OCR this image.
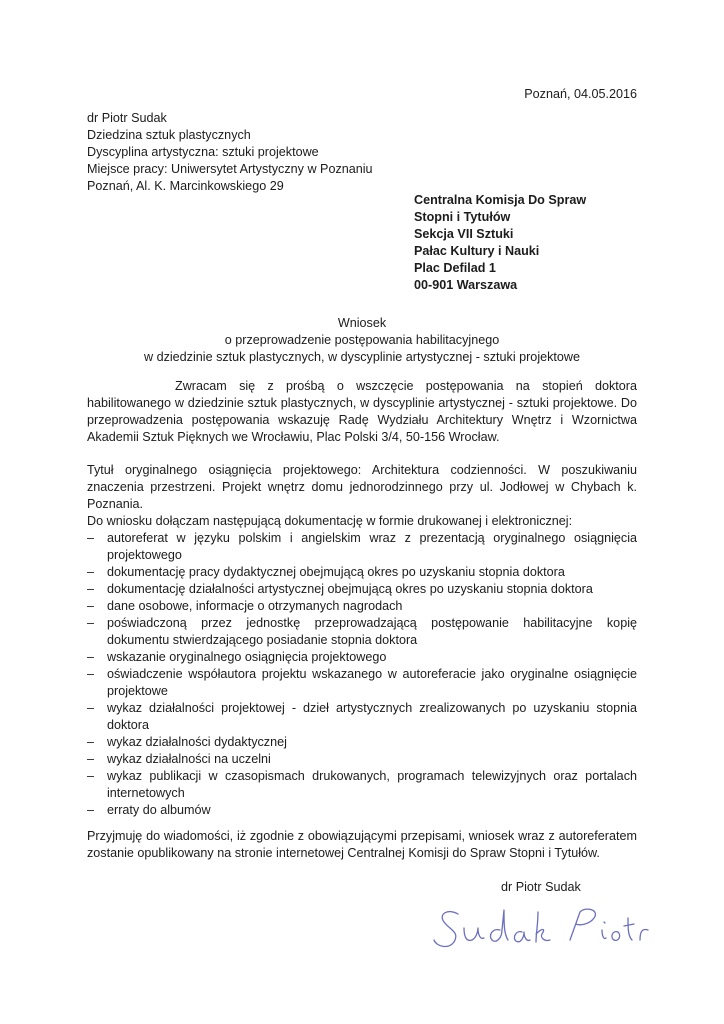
Poznań, 04.05.2016
dr Piotr Sudak
Dziedzina sztuk plastycznych
Dyscyplina artystyczna: sztuki projektowe
Miejsce pracy: Uniwersytet Artystyczny w Poznaniu
Poznań, Al. K. Marcinkowskiego 29
Centralna Komisja Do Spraw
Stopni i Tytułów
Sekcja VII Sztuki
Pałac Kultury i Nauki
Plac Defilad 1
00-901 Warszawa
Wniosek
o przeprowadzenie postępowania habilitacyjnego
w dziedzinie sztuk plastycznych, w dyscyplinie artystycznej - sztuki projektowe
Zwracam się z prośbą o wszczęcie postępowania na stopień doktora habilitowanego w dziedzinie sztuk plastycznych, w dyscyplinie artystycznej - sztuki projektowe. Do przeprowadzenia postępowania wskazuję Radę Wydziału Architektury Wnętrz i Wzornictwa Akademii Sztuk Pięknych we Wrocławiu, Plac Polski 3/4, 50-156 Wrocław.
Tytuł oryginalnego osiągnięcia projektowego: Architektura codzienności. W poszukiwaniu znaczenia przestrzeni. Projekt wnętrz domu jednorodzinnego przy ul. Jodłowej w Chybach k. Poznania.
Do wniosku dołączam następującą dokumentację w formie drukowanej i elektronicznej:
– autoreferat w języku polskim i angielskim wraz z prezentacją oryginalnego osiągnięcia projektowego
– dokumentację pracy dydaktycznej obejmującą okres po uzyskaniu stopnia doktora
– dokumentację działalności artystycznej obejmującą okres po uzyskaniu stopnia doktora
– dane osobowe, informacje o otrzymanych nagrodach
– poświadczoną przez jednostkę przeprowadzającą postępowanie habilitacyjne kopię dokumentu stwierdzającego posiadanie stopnia doktora
– wskazanie oryginalnego osiągnięcia projektowego
– oświadczenie współautora projektu wskazanego w autoreferacie jako oryginalne osiągnięcie projektowe
– wykaz działalności projektowej - dzieł artystycznych zrealizowanych po uzyskaniu stopnia doktora
– wykaz działalności dydaktycznej
– wykaz działalności na uczelni
– wykaz publikacji w czasopismach drukowanych, programach telewizyjnych oraz portalach internetowych
– erraty do albumów
Przyjmuję do wiadomości, iż zgodnie z obowiązującymi przepisami, wniosek wraz z autoreferatem zostanie opublikowany na stronie internetowej Centralnej Komisji do Spraw Stopni i Tytułów.
dr Piotr Sudak
